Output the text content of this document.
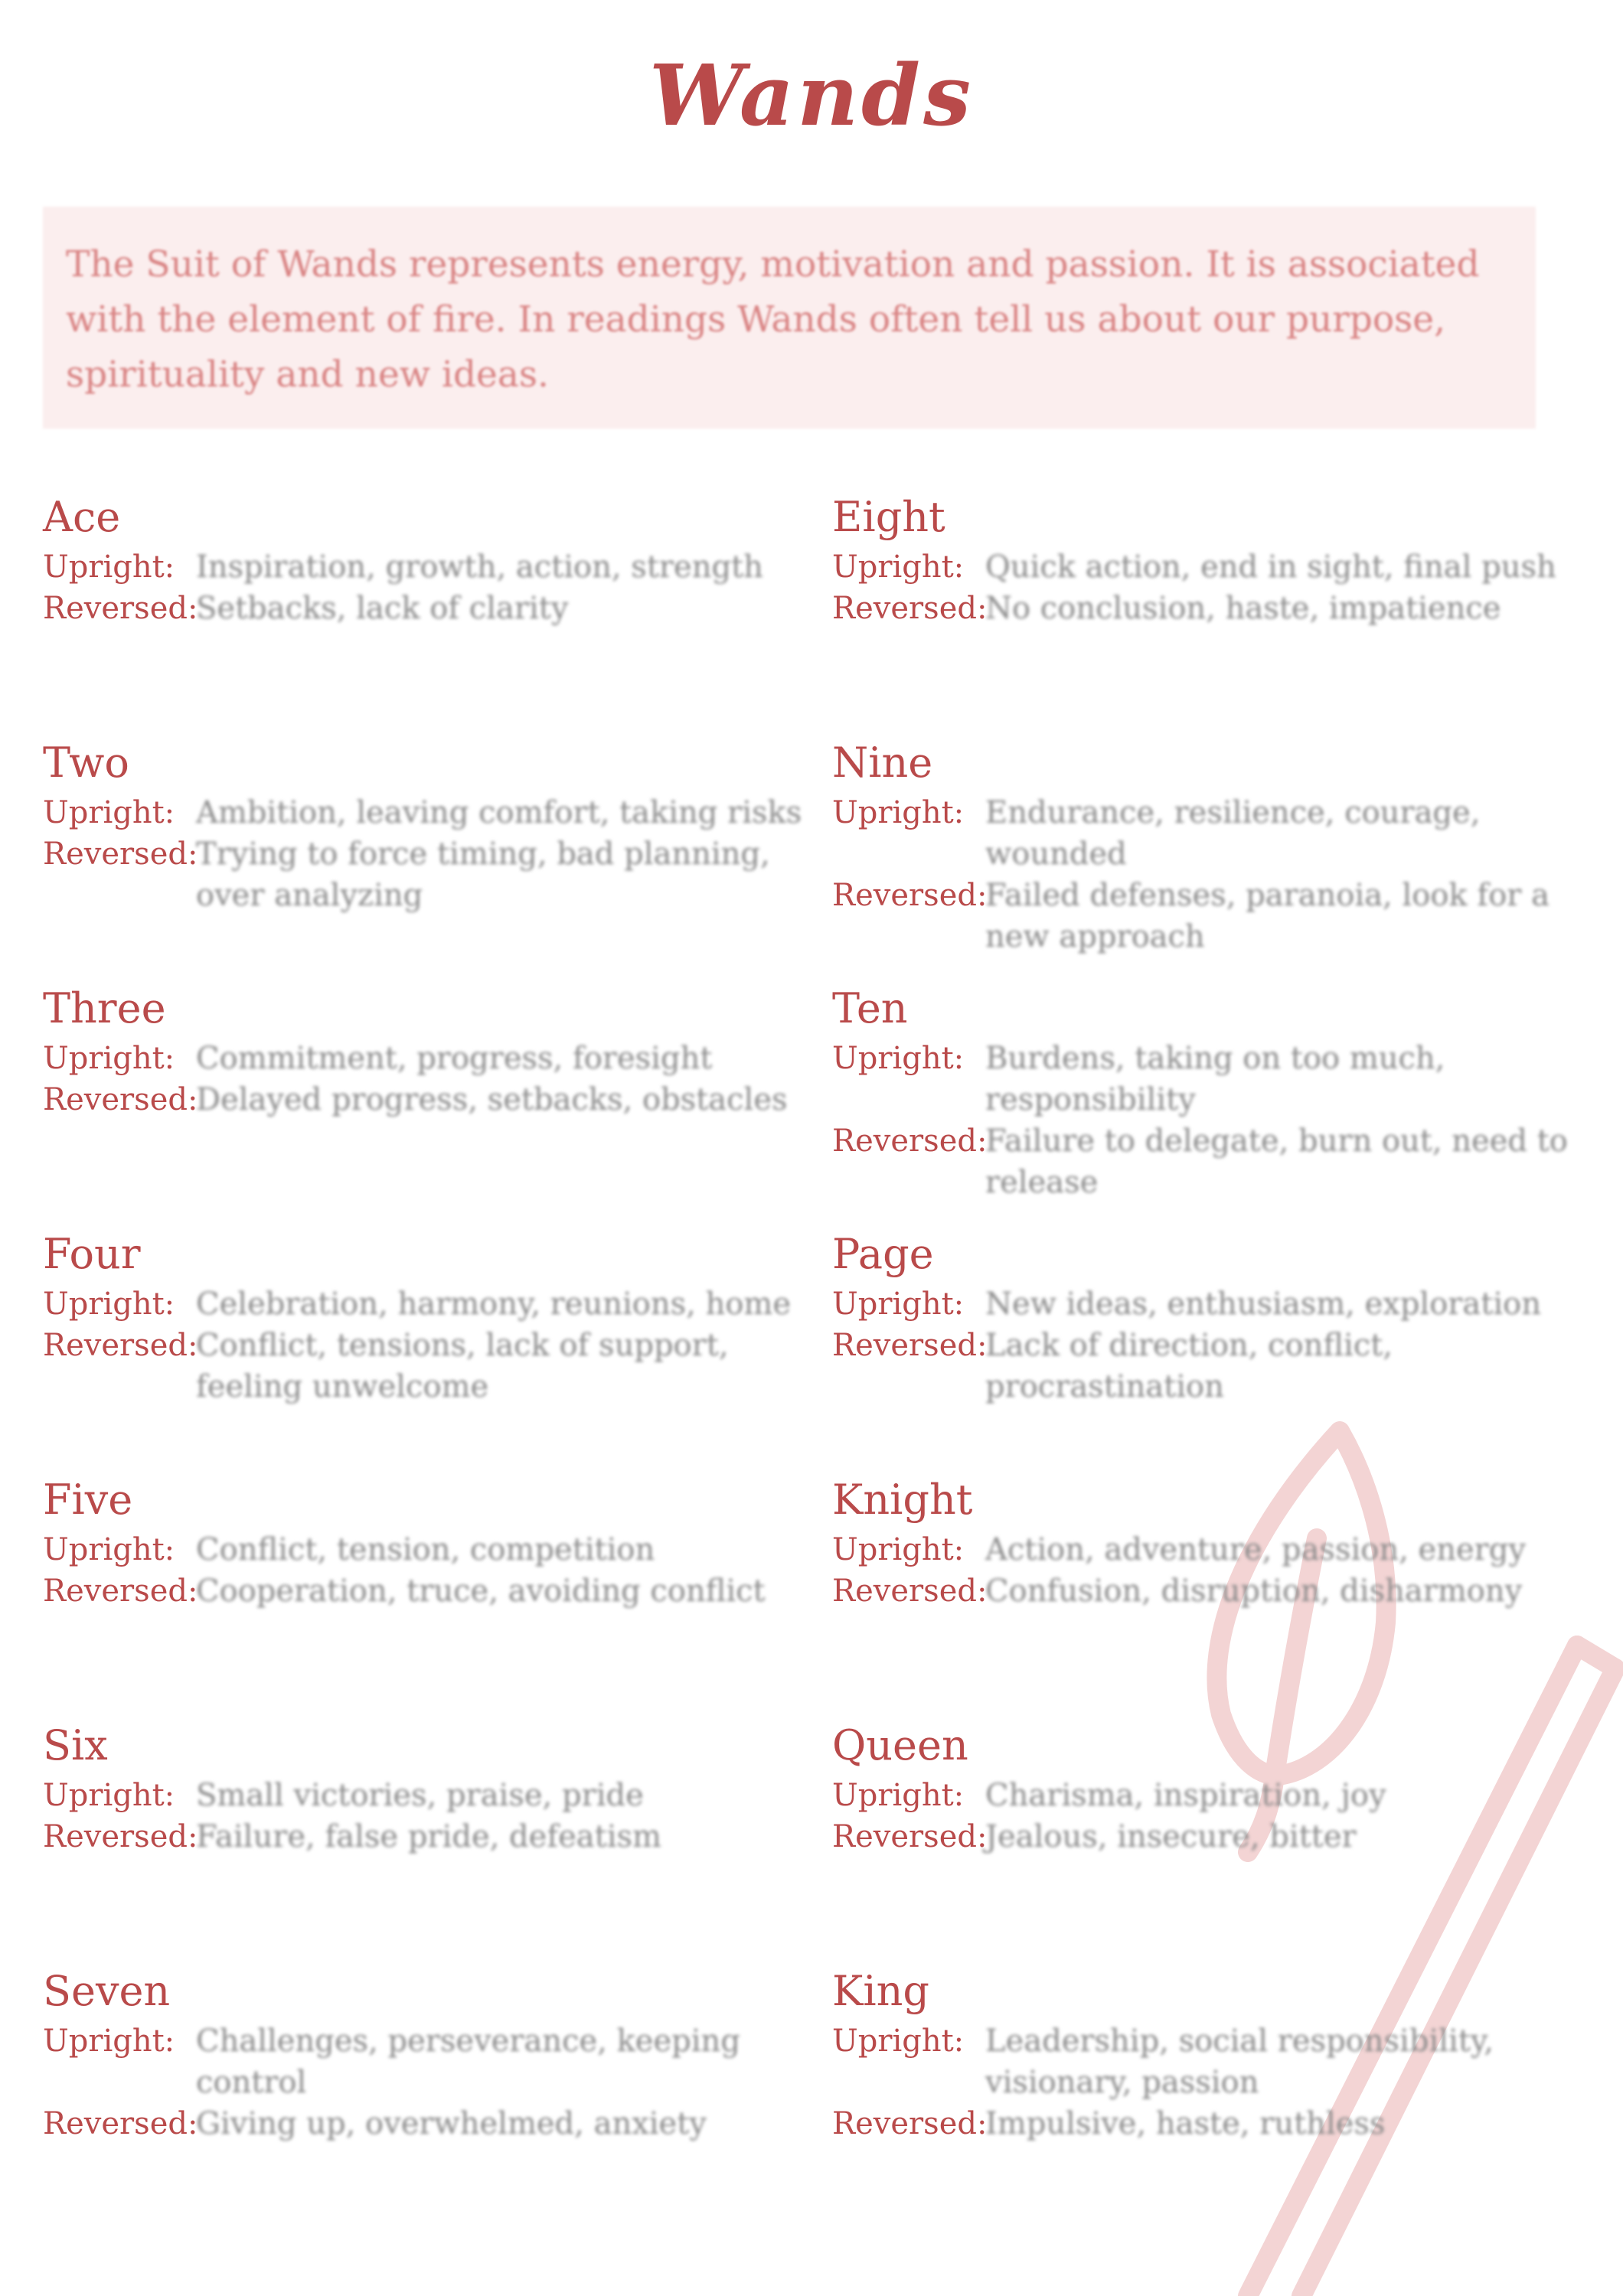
Wands
The Suit of Wands represents energy, motivation and passion. It is associated with the element of fire. In readings Wands often tell us about our purpose, spirituality and new ideas.
Ace
Upright: Inspiration, growth, action, strength
Reversed:
Setbacks, lack of clarity
Two
Upright: Ambition, leaving comfort, taking risks
Reversed:
Trying to force timing, bad planning, over analyzing
Three
Upright: Commitment, progress, foresight
Reversed:
Delayed progress, setbacks, obstacles
Four
Upright: Celebration, harmony, reunions, home
Reversed:
Conflict, tensions, lack of support, feeling unwelcome
Five
Upright: Conflict, tension, competition
Reversed:
Cooperation, truce, avoiding conflict
Six
Upright: Small victories, praise, pride
Reversed:
Failure, false pride, defeatism
Seven
Upright: Challenges, perseverance, keeping control
Reversed:
Giving up, overwhelmed, anxiety
Eight
Upright: Quick action, end in sight, final push
Reversed:
No conclusion, haste, impatience
Nine
Upright: Endurance, resilience, courage, wounded
Reversed:
Failed defenses, paranoia, look for a new approach
Ten
Upright: Burdens, taking on too much, responsibility
Reversed:
Failure to delegate, burn out, need to release
Page
Upright: New ideas, enthusiasm, exploration
Reversed:
Lack of direction, conflict, procrastination
Knight
Upright: Action, adventure, passion, energy
Reversed:
Confusion, disruption, disharmony
Queen
Upright: Charisma, inspiration, joy
Reversed:
Jealous, insecure, bitter
King
Upright: Leadership, social responsibility, visionary, passion
Reversed:
Impulsive, haste, ruthless
